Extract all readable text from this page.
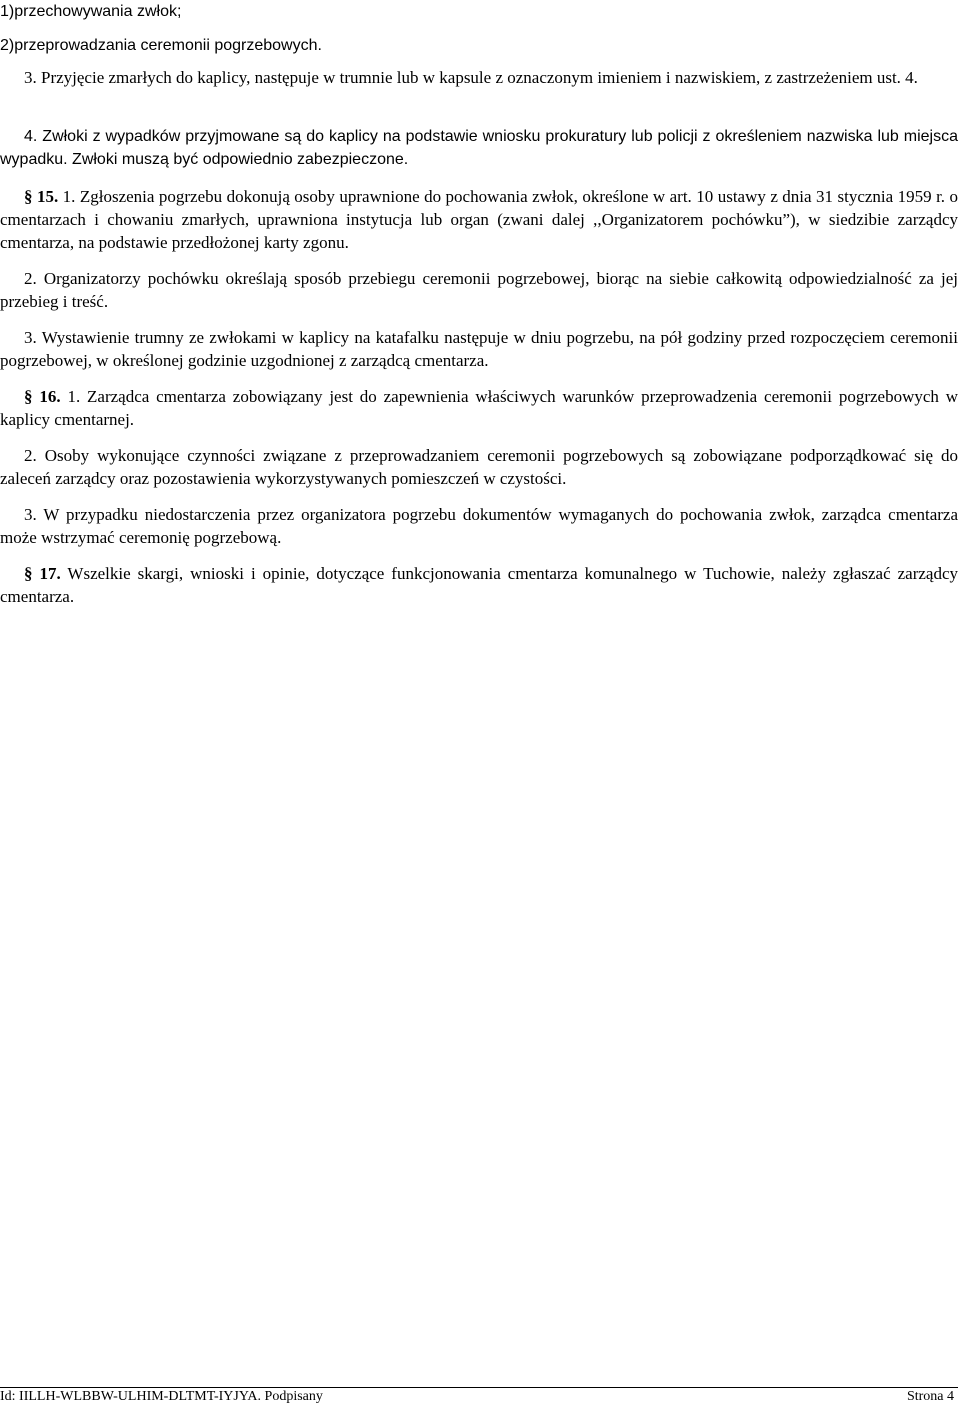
1)przechowywania zwłok;

2)przeprowadzania ceremonii pogrzebowych.

3. Przyjęcie zmarłych do kaplicy, następuje w trumnie lub w kapsule z oznaczonym imieniem i nazwiskiem, z zastrzeżeniem ust. 4.

4. Zwłoki z wypadków przyjmowane są do kaplicy na podstawie wniosku prokuratury lub policji z określeniem nazwiska lub miejsca wypadku. Zwłoki muszą być odpowiednio zabezpieczone.

§ 15. 1. Zgłoszenia pogrzebu dokonują osoby uprawnione do pochowania zwłok, określone w art. 10 ustawy z dnia 31 stycznia 1959 r. o cmentarzach i chowaniu zmarłych, uprawniona instytucja lub organ (zwani dalej ,,Organizatorem pochówku”), w siedzibie zarządcy cmentarza, na podstawie przedłożonej karty zgonu.

2. Organizatorzy pochówku określają sposób przebiegu ceremonii pogrzebowej, biorąc na siebie całkowitą odpowiedzialność za jej przebieg i treść.

3. Wystawienie trumny ze zwłokami w kaplicy na katafalku następuje w dniu pogrzebu, na pół godziny przed rozpoczęciem ceremonii pogrzebowej, w określonej godzinie uzgodnionej z zarządcą cmentarza.

§ 16. 1. Zarządca cmentarza zobowiązany jest do zapewnienia właściwych warunków przeprowadzenia ceremonii pogrzebowych w kaplicy cmentarnej.

2. Osoby wykonujące czynności związane z przeprowadzaniem ceremonii pogrzebowych są zobowiązane podporządkować się do zaleceń zarządcy oraz pozostawienia wykorzystywanych pomieszczeń w czystości.

3. W przypadku niedostarczenia przez organizatora pogrzebu dokumentów wymaganych do pochowania zwłok, zarządca cmentarza może wstrzymać ceremonię pogrzebową.

§ 17. Wszelkie skargi, wnioski i opinie, dotyczące funkcjonowania cmentarza komunalnego w Tuchowie, należy zgłaszać zarządcy cmentarza.

Id: IILLH-WLBBW-ULHIM-DLTMT-IYJYA. Podpisany	Strona 4
